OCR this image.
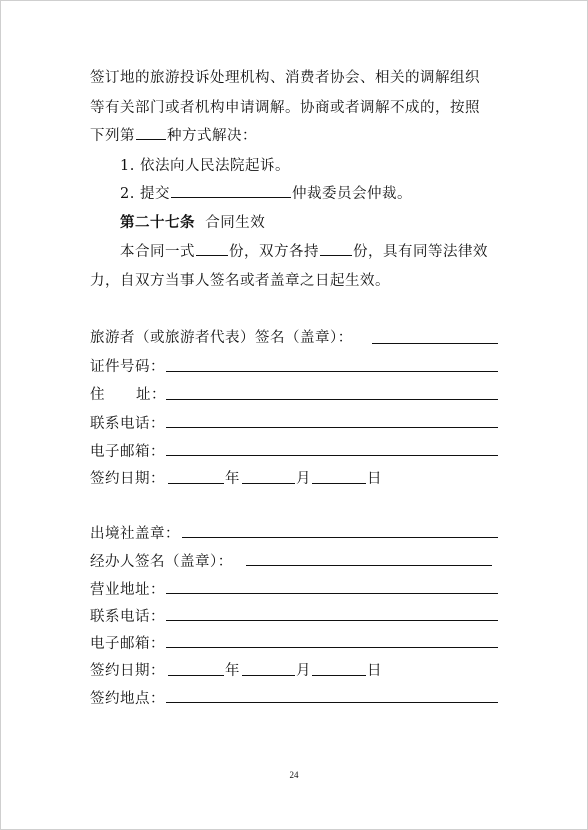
签订地的旅游投诉处理机构、消费者协会、相关的调解组织
等有关部门或者机构申请调解。协商或者调解不成的，按照
下列第 种方式解决：
1. 依法向人民法院起诉。
2. 提交	仲裁委员会仲裁。
第二十七条 合同生效
本合同一式 份，双方各持 份，具有同等法律效
力，自双方当事人签名或者盖章之日起生效。
旅游者（或旅游者代表）签名（盖章）：
证件号码：
住 址：
联系电话：
电子邮箱：
签约日期：	年	月	日
出境社盖章：
经办人签名（盖章）：
营业地址：
联系电话：
电子邮箱：
签约日期：	年	月	日
签约地点：
24
